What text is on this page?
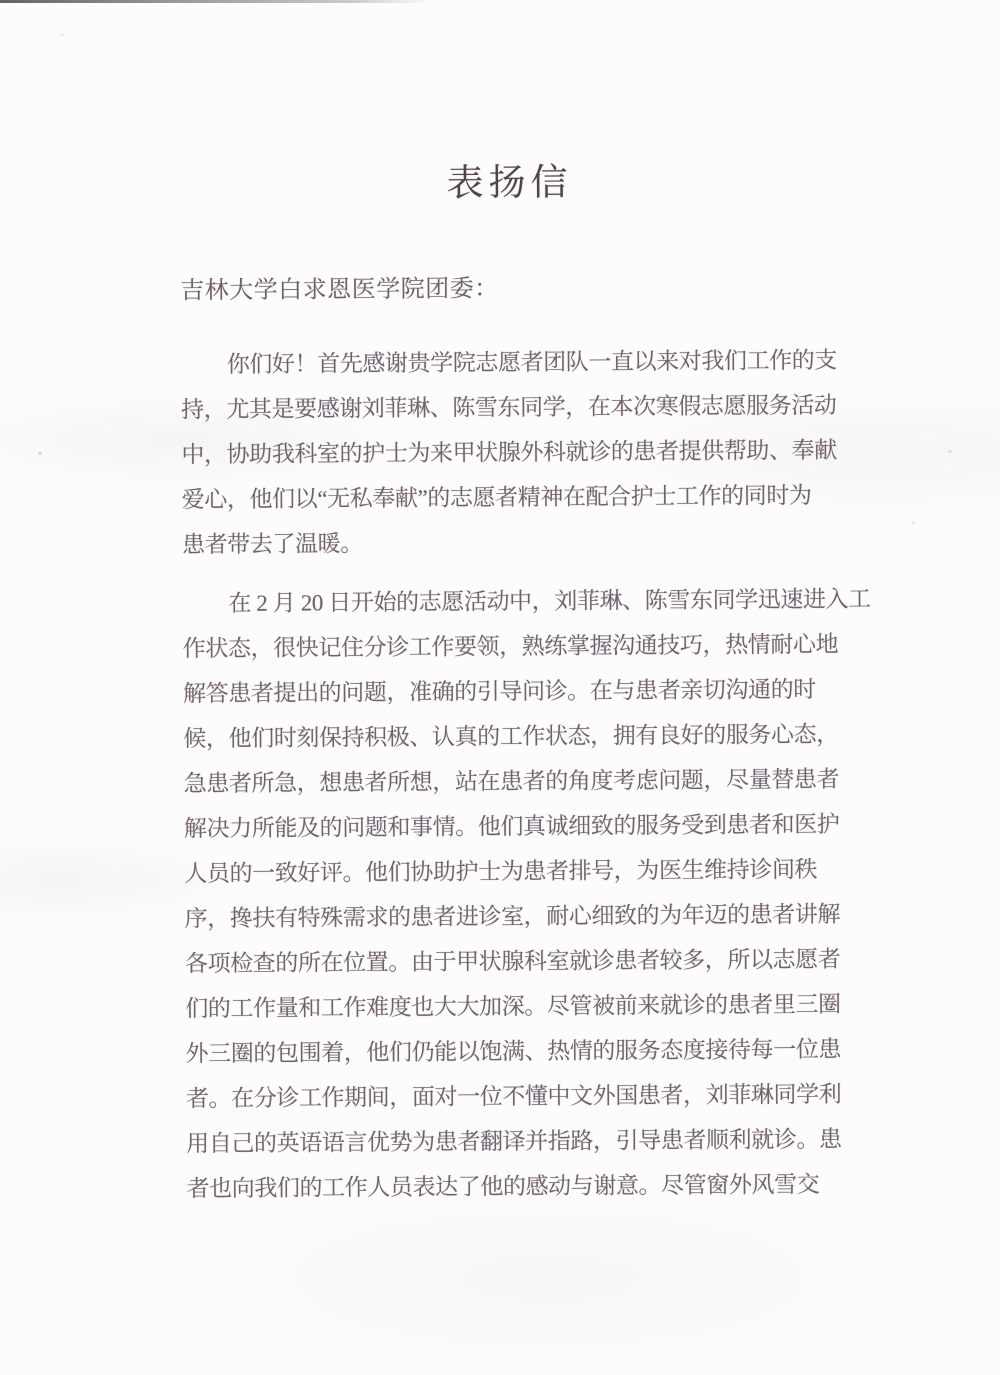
表扬信
吉林大学白求恩医学院团委：
你们好！首先感谢贵学院志愿者团队一直以来对我们工作的支
持，尤其是要感谢刘菲琳、陈雪东同学，在本次寒假志愿服务活动
中，协助我科室的护士为来甲状腺外科就诊的患者提供帮助、奉献
爱心，他们以“无私奉献”的志愿者精神在配合护士工作的同时为
患者带去了温暖。
在 2 月 20 日开始的志愿活动中，刘菲琳、陈雪东同学迅速进入工
作状态，很快记住分诊工作要领，熟练掌握沟通技巧，热情耐心地
解答患者提出的问题，准确的引导问诊。在与患者亲切沟通的时
候，他们时刻保持积极、认真的工作状态，拥有良好的服务心态，
急患者所急，想患者所想，站在患者的角度考虑问题，尽量替患者
解决力所能及的问题和事情。他们真诚细致的服务受到患者和医护
人员的一致好评。他们协助护士为患者排号，为医生维持诊间秩
序，搀扶有特殊需求的患者进诊室，耐心细致的为年迈的患者讲解
各项检查的所在位置。由于甲状腺科室就诊患者较多，所以志愿者
们的工作量和工作难度也大大加深。尽管被前来就诊的患者里三圈
外三圈的包围着，他们仍能以饱满、热情的服务态度接待每一位患
者。在分诊工作期间，面对一位不懂中文外国患者，刘菲琳同学利
用自己的英语语言优势为患者翻译并指路，引导患者顺利就诊。患
者也向我们的工作人员表达了他的感动与谢意。尽管窗外风雪交
